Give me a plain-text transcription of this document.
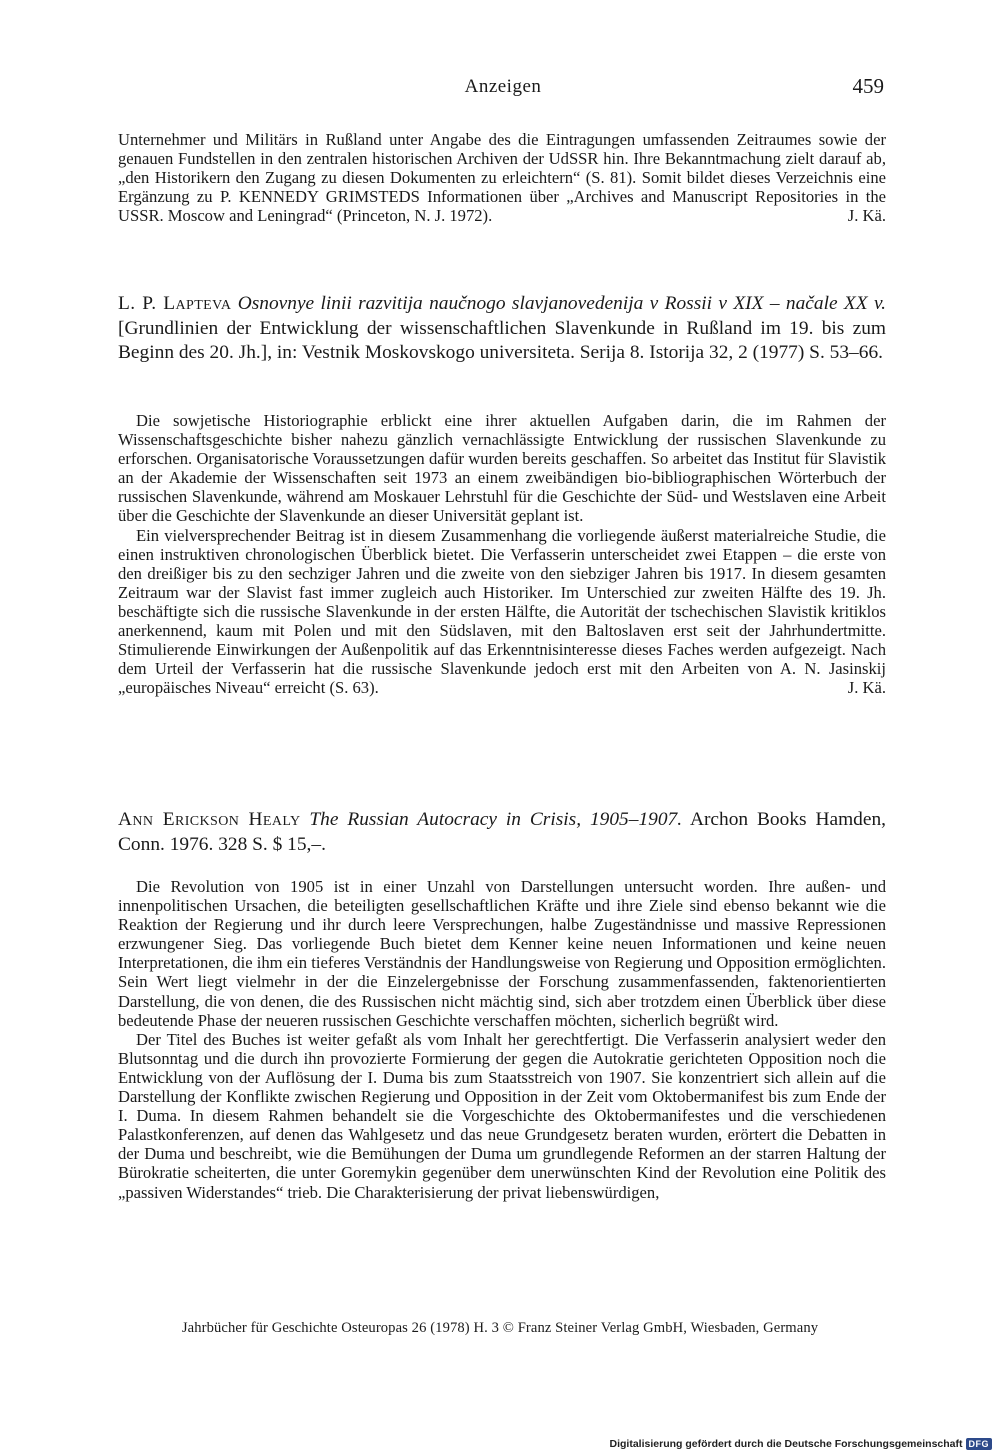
Anzeigen	459

Unternehmer und Militärs in Rußland unter Angabe des die Eintragungen umfassenden Zeitraumes sowie der genauen Fundstellen in den zentralen historischen Archiven der UdSSR hin. Ihre Bekanntmachung zielt darauf ab, „den Historikern den Zugang zu diesen Dokumenten zu erleichtern“ (S. 81). Somit bildet dieses Verzeichnis eine Ergänzung zu P. KENNEDY GRIMSTEDS Informationen über „Archives and Manuscript Repositories in the USSR. Moscow and Leningrad“ (Princeton, N. J. 1972).	J. Kä.

L. P. Lapteva Osnovnye linii razvitija naučnogo slavjanovedenija v Rossii v XIX – načale XX v. [Grundlinien der Entwicklung der wissenschaftlichen Slavenkunde in Rußland im 19. bis zum Beginn des 20. Jh.], in: Vestnik Moskovskogo universiteta. Serija 8. Istorija 32, 2 (1977) S. 53–66.

Die sowjetische Historiographie erblickt eine ihrer aktuellen Aufgaben darin, die im Rahmen der Wissenschaftsgeschichte bisher nahezu gänzlich vernachlässigte Entwicklung der russischen Slavenkunde zu erforschen. Organisatorische Voraussetzungen dafür wurden bereits geschaffen. So arbeitet das Institut für Slavistik an der Akademie der Wissenschaften seit 1973 an einem zweibändigen bio-bibliographischen Wörterbuch der russischen Slavenkunde, während am Moskauer Lehrstuhl für die Geschichte der Süd- und Westslaven eine Arbeit über die Geschichte der Slavenkunde an dieser Universität geplant ist.

Ein vielversprechender Beitrag ist in diesem Zusammenhang die vorliegende äußerst materialreiche Studie, die einen instruktiven chronologischen Überblick bietet. Die Verfasserin unterscheidet zwei Etappen – die erste von den dreißiger bis zu den sechziger Jahren und die zweite von den siebziger Jahren bis 1917. In diesem gesamten Zeitraum war der Slavist fast immer zugleich auch Historiker. Im Unterschied zur zweiten Hälfte des 19. Jh. beschäftigte sich die russische Slavenkunde in der ersten Hälfte, die Autorität der tschechischen Slavistik kritiklos anerkennend, kaum mit Polen und mit den Südslaven, mit den Baltoslaven erst seit der Jahrhundertmitte. Stimulierende Einwirkungen der Außenpolitik auf das Erkenntnisinteresse dieses Faches werden aufgezeigt. Nach dem Urteil der Verfasserin hat die russische Slavenkunde jedoch erst mit den Arbeiten von A. N. Jasinskij „europäisches Niveau“ erreicht (S. 63).	J. Kä.

Ann Erickson Healy The Russian Autocracy in Crisis, 1905–1907. Archon Books Hamden, Conn. 1976. 328 S. $ 15,–.

Die Revolution von 1905 ist in einer Unzahl von Darstellungen untersucht worden. Ihre außen- und innenpolitischen Ursachen, die beteiligten gesellschaftlichen Kräfte und ihre Ziele sind ebenso bekannt wie die Reaktion der Regierung und ihr durch leere Versprechungen, halbe Zugeständnisse und massive Repressionen erzwungener Sieg. Das vorliegende Buch bietet dem Kenner keine neuen Informationen und keine neuen Interpretationen, die ihm ein tieferes Verständnis der Handlungsweise von Regierung und Opposition ermöglichten. Sein Wert liegt vielmehr in der die Einzelergebnisse der Forschung zusammenfassenden, faktenorientierten Darstellung, die von denen, die des Russischen nicht mächtig sind, sich aber trotzdem einen Überblick über diese bedeutende Phase der neueren russischen Geschichte verschaffen möchten, sicherlich begrüßt wird.

Der Titel des Buches ist weiter gefaßt als vom Inhalt her gerechtfertigt. Die Verfasserin analysiert weder den Blutsonntag und die durch ihn provozierte Formierung der gegen die Autokratie gerichteten Opposition noch die Entwicklung von der Auflösung der I. Duma bis zum Staatsstreich von 1907. Sie konzentriert sich allein auf die Darstellung der Konflikte zwischen Regierung und Opposition in der Zeit vom Oktobermanifest bis zum Ende der I. Duma. In diesem Rahmen behandelt sie die Vorgeschichte des Oktobermanifestes und die verschiedenen Palastkonferenzen, auf denen das Wahlgesetz und das neue Grundgesetz beraten wurden, erörtert die Debatten in der Duma und beschreibt, wie die Bemühungen der Duma um grundlegende Reformen an der starren Haltung der Bürokratie scheiterten, die unter Goremykin gegenüber dem unerwünschten Kind der Revolution eine Politik des „passiven Widerstandes“ trieb. Die Charakterisierung der privat liebenswürdigen,

Jahrbücher für Geschichte Osteuropas 26 (1978) H. 3 © Franz Steiner Verlag GmbH, Wiesbaden, Germany
Digitalisierung gefördert durch die Deutsche Forschungsgemeinschaft DFG
